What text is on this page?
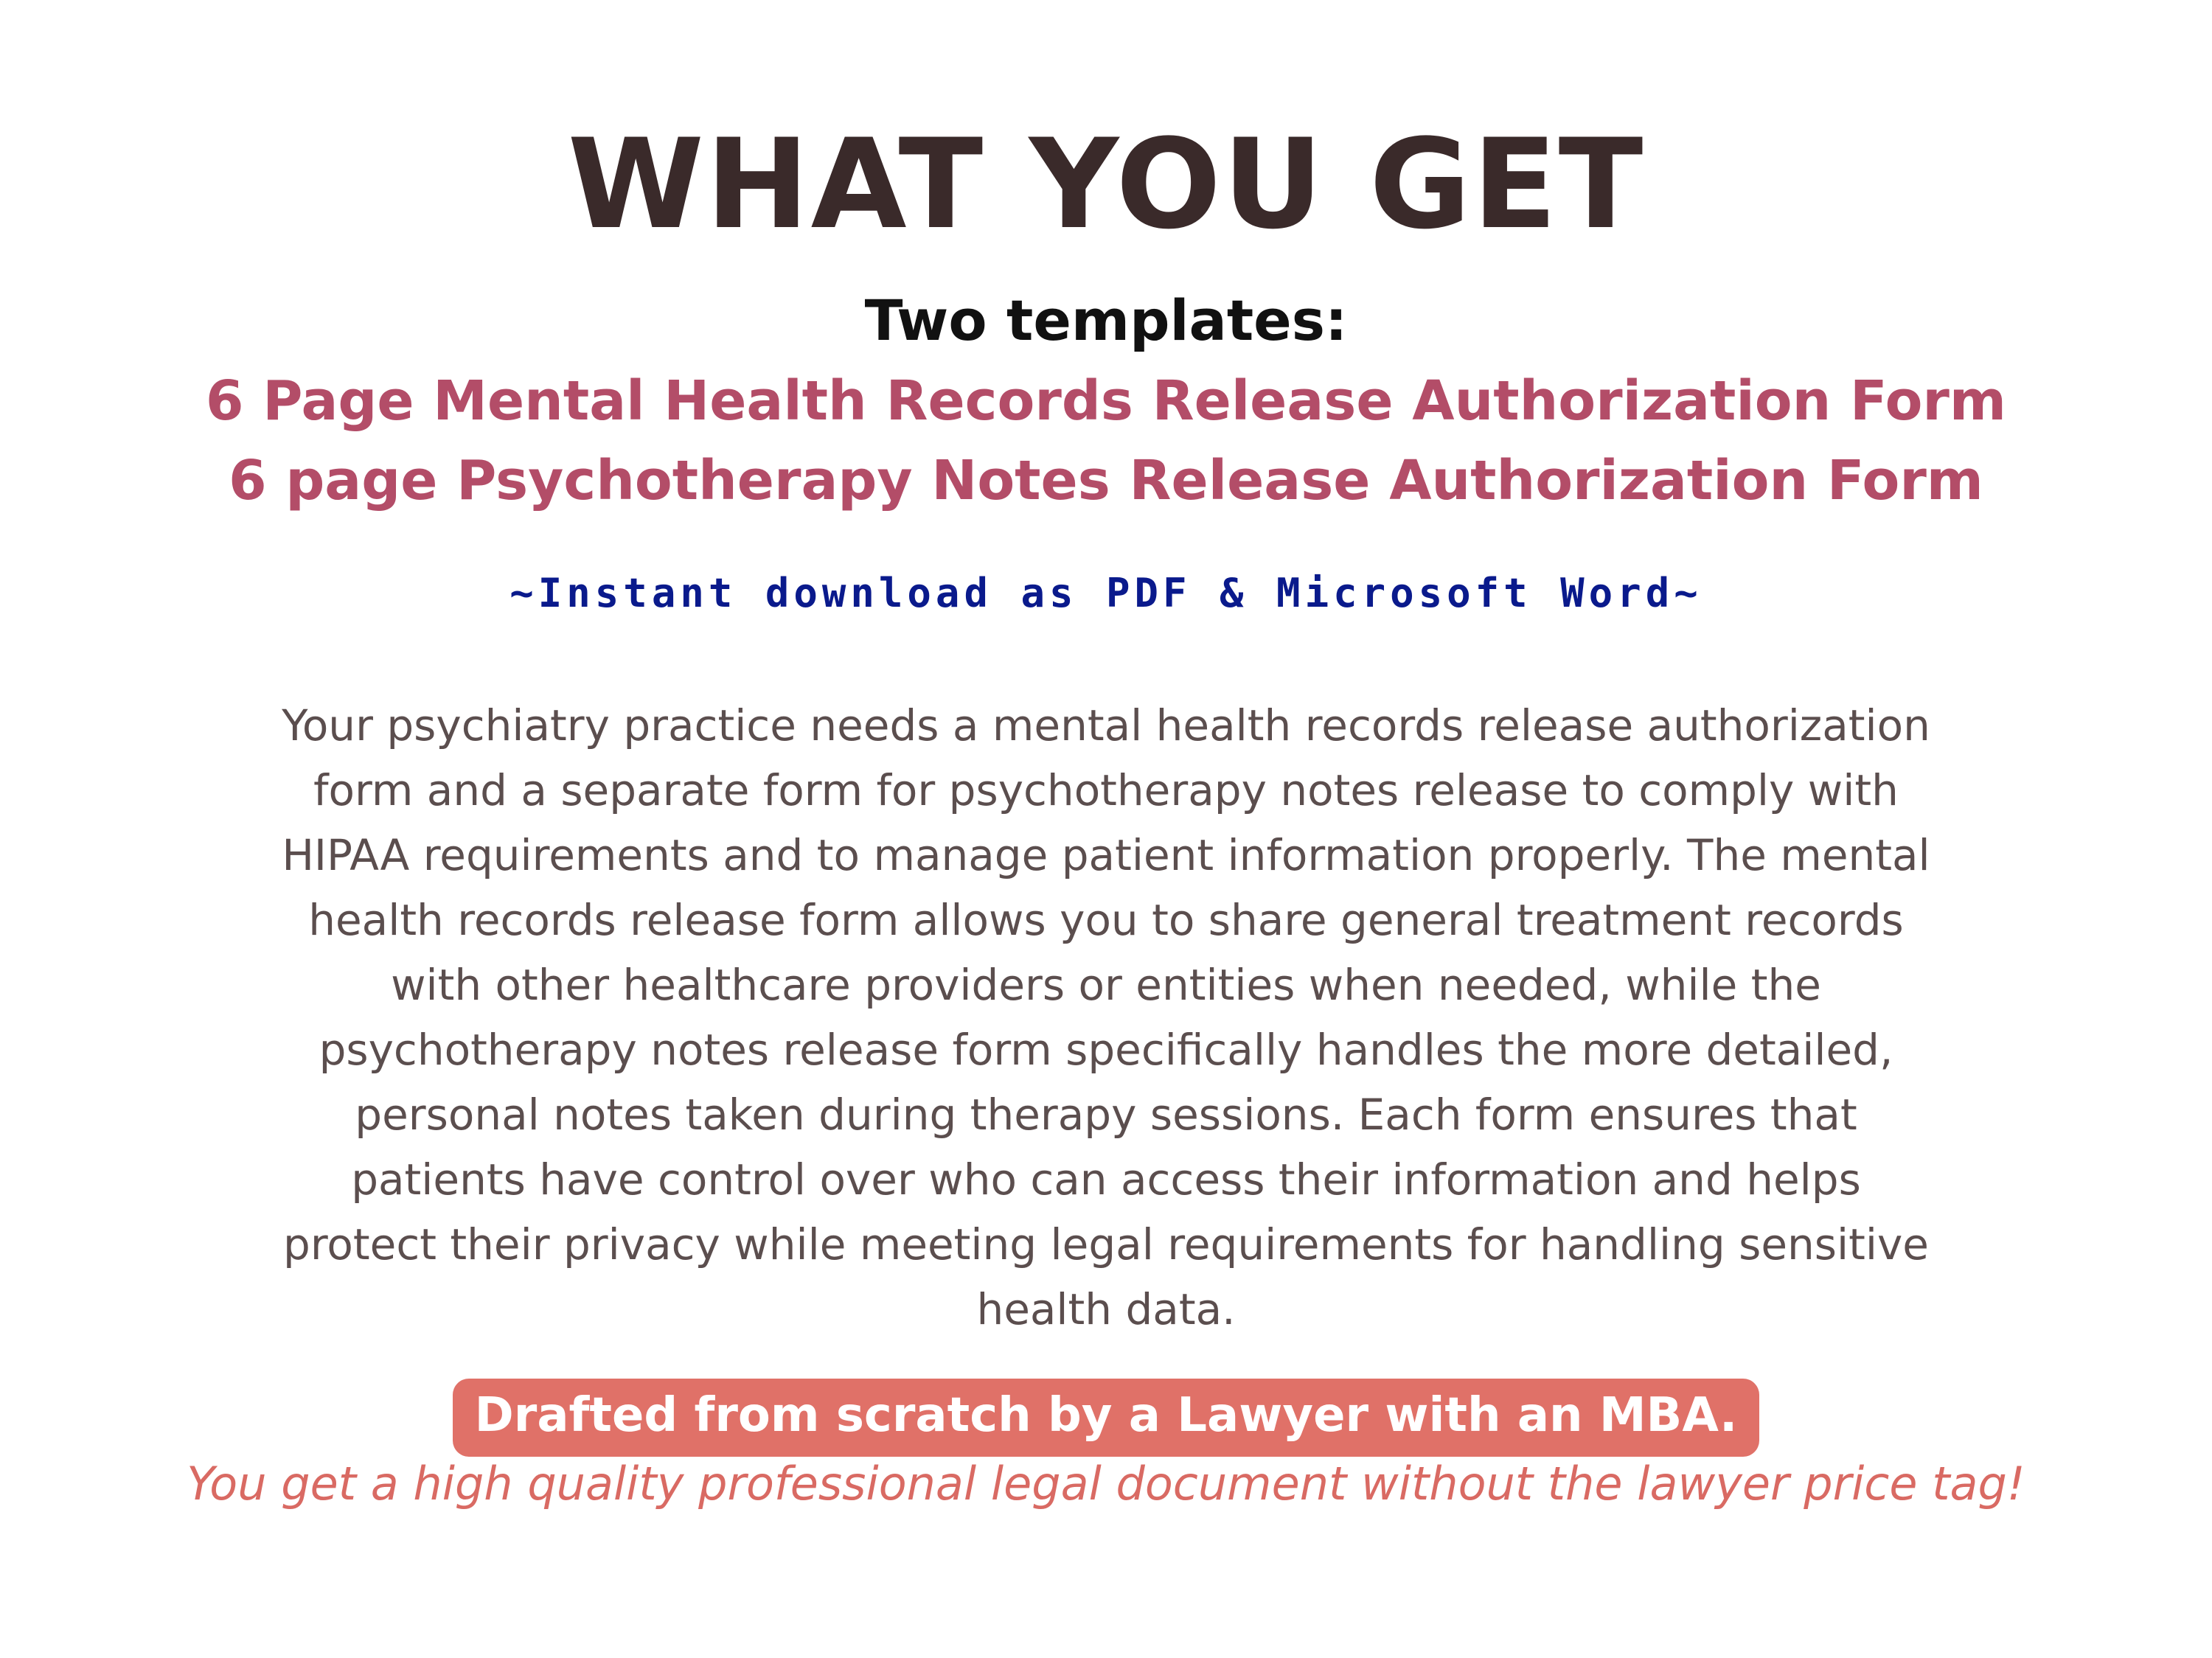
WHAT YOU GET
Two templates:
6 Page Mental Health Records Release Authorization Form
6 page Psychotherapy Notes Release Authorization Form
~Instant download as PDF & Microsoft Word~

Your psychiatry practice needs a mental health records release authorization form and a separate form for psychotherapy notes release to comply with HIPAA requirements and to manage patient information properly. The mental health records release form allows you to share general treatment records with other healthcare providers or entities when needed, while the psychotherapy notes release form specifically handles the more detailed, personal notes taken during therapy sessions. Each form ensures that patients have control over who can access their information and helps protect their privacy while meeting legal requirements for handling sensitive health data.

Drafted from scratch by a Lawyer with an MBA.
You get a high quality professional legal document without the lawyer price tag!
